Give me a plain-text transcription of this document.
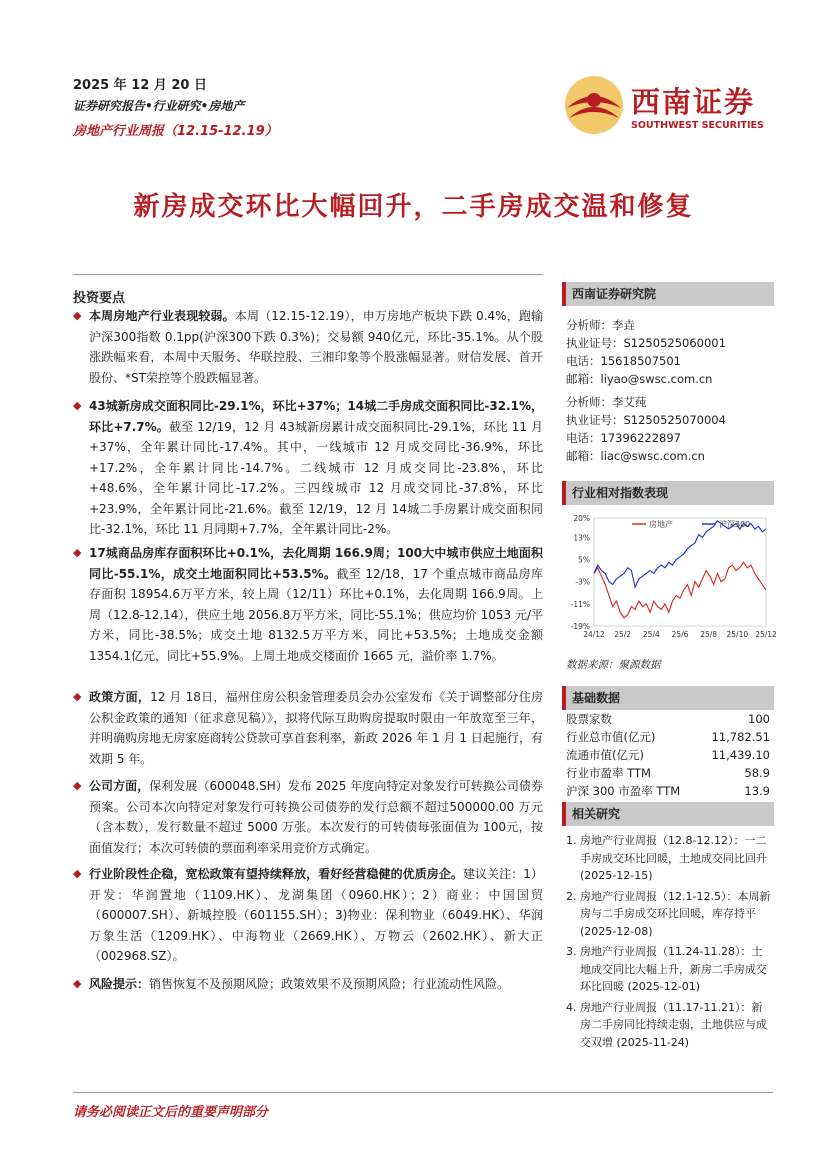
2025 年 12 月 20 日
证券研究报告•行业研究•房地产
房地产行业周报（12.15-12.19）
西南证券
SOUTHWEST SECURITIES
新房成交环比大幅回升，二手房成交温和修复
投资要点
◆ 本周房地产行业表现较弱。本周（12.15-12.19），申万房地产板块下跌 0.4%，跑输沪深300指数 0.1pp(沪深300下跌 0.3%)；交易额 940亿元，环比-35.1%。从个股涨跌幅来看，本周中天服务、华联控股、三湘印象等个股涨幅显著。财信发展、首开股份、*ST荣控等个股跌幅显著。
◆ 43城新房成交面积同比-29.1%，环比+37%；14城二手房成交面积同比-32.1%，环比+7.7%。截至 12/19，12 月 43城新房累计成交面积同比-29.1%，环比 11 月+37%，全年累计同比-17.4%。其中，一线城市 12 月成交同比-36.9%，环比+17.2%，全年累计同比-14.7%。二线城市 12 月成交同比-23.8%，环比+48.6%，全年累计同比-17.2%。三四线城市 12 月成交同比-37.8%，环比+23.9%，全年累计同比-21.6%。截至 12/19，12 月 14城二手房累计成交面积同比-32.1%，环比 11 月同期+7.7%，全年累计同比-2%。
◆ 17城商品房库存面积环比+0.1%，去化周期 166.9周；100大中城市供应土地面积同比-55.1%，成交土地面积同比+53.5%。截至 12/18，17 个重点城市商品房库存面积 18954.6万平方米，较上周（12/11）环比+0.1%，去化周期 166.9周。上周（12.8-12.14），供应土地 2056.8万平方米，同比-55.1%；供应均价 1053 元/平方米，同比-38.5%；成交土地 8132.5万平方米，同比+53.5%；土地成交金额 1354.1亿元，同比+55.9%。上周土地成交楼面价 1665 元，溢价率 1.7%。
◆ 政策方面，12 月 18日，福州住房公积金管理委员会办公室发布《关于调整部分住房公积金政策的通知（征求意见稿）》，拟将代际互助购房提取时限由一年放宽至三年，并明确购房地无房家庭商转公贷款可享首套利率，新政 2026 年 1 月 1 日起施行，有效期 5 年。
◆ 公司方面，保利发展（600048.SH）发布 2025 年度向特定对象发行可转换公司债券预案。公司本次向特定对象发行可转换公司债券的发行总额不超过500000.00 万元（含本数），发行数量不超过 5000 万张。本次发行的可转债每张面值为 100元，按面值发行；本次可转债的票面利率采用竞价方式确定。
◆ 行业阶段性企稳，宽松政策有望持续释放，看好经营稳健的优质房企。建议关注：1）开发：华润置地（1109.HK）、龙湖集团（0960.HK）；2）商业：中国国贸（600007.SH）、新城控股（601155.SH）；3)物业：保利物业（6049.HK）、华润万象生活（1209.HK）、中海物业（2669.HK）、万物云（2602.HK）、新大正（002968.SZ）。
◆ 风险提示：销售恢复不及预期风险；政策效果不及预期风险；行业流动性风险。
西南证券研究院
分析师：李垚
执业证号：S1250525060001
电话：15618507501
邮箱：liyao@swsc.com.cn
分析师：李艾莼
执业证号：S1250525070004
电话：17396222897
邮箱：liac@swsc.com.cn
行业相对指数表现
20%
13%
5%
-3%
-11%
-19%
24/12 25/2 25/4 25/6 25/8 25/10 25/12
房地产	沪深300
数据来源：聚源数据
基础数据
股票家数	100
行业总市值(亿元)	11,782.51
流通市值(亿元)	11,439.10
行业市盈率 TTM	58.9
沪深 300 市盈率 TTM	13.9
相关研究
1. 房地产行业周报（12.8-12.12）：一二手房成交环比回暖，土地成交同比回升
(2025-12-15)
2. 房地产行业周报（12.1-12.5）：本周新房与二手房成交环比回暖，库存持平
(2025-12-08)
3. 房地产行业周报（11.24-11.28）：土地成交同比大幅上升，新房二手房成交环比回暖 (2025-12-01)
4. 房地产行业周报（11.17-11.21）：新房二手房同比持续走弱，土地供应与成交双增 (2025-11-24)
请务必阅读正文后的重要声明部分
